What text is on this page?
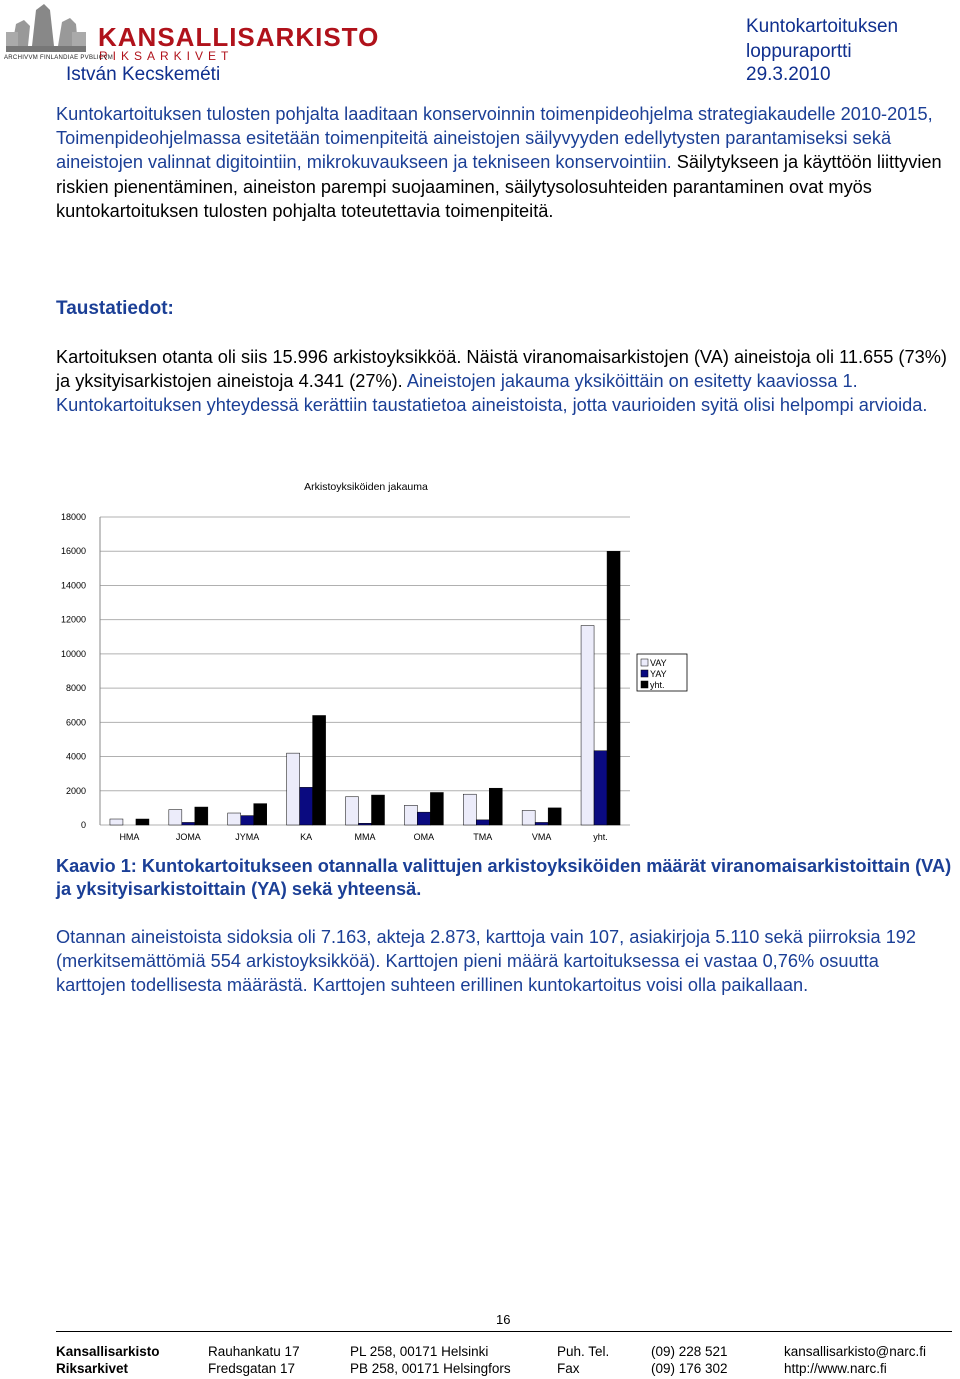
KANSALLISARKISTO
RIKSARKIVET
ARCHIVVM FINLANDIAE PVBLICVM
István Kecskeméti
Kuntokartoituksen loppuraportti
29.3.2010
Kuntokartoituksen tulosten pohjalta laaditaan konservoinnin toimenpideohjelma strategiakaudelle 2010-2015, Toimenpideohjelmassa esitetään toimenpiteitä aineistojen säilyvyyden edellytysten parantamiseksi sekä aineistojen valinnat digitointiin, mikrokuvaukseen ja tekniseen konservointiin. Säilytykseen ja käyttöön liittyvien riskien pienentäminen, aineiston parempi suojaaminen, säilytysolosuhteiden parantaminen ovat myös kuntokartoituksen tulosten pohjalta toteutettavia toimenpiteitä.
Taustatiedot:
Kartoituksen otanta oli siis 15.996 arkistoyksikköä. Näistä viranomaisarkistojen (VA) aineistoja oli 11.655 (73%) ja yksityisarkistojen aineistoja 4.341 (27%). Aineistojen jakauma yksiköittäin on esitetty kaaviossa 1. Kuntokartoituksen yhteydessä kerättiin taustatietoa aineistoista, jotta vaurioiden syitä olisi helpompi arvioida.
Arkistoyksiköiden jakauma
0
2000
4000
6000
8000
10000
12000
14000
16000
18000
HMA	JOMA	JYMA	KA	MMA	OMA	TMA	VMA	yht.
VAY
YAY
yht.
Kaavio 1: Kuntokartoitukseen otannalla valittujen arkistoyksiköiden määrät viranomaisarkistoittain (VA) ja yksityisarkistoittain (YA) sekä yhteensä.
Otannan aineistoista sidoksia oli 7.163, akteja 2.873, karttoja vain 107, asiakirjoja 5.110 sekä piirroksia 192 (merkitsemättömiä 554 arkistoyksikköä). Karttojen pieni määrä kartoituksessa ei vastaa 0,76% osuutta karttojen todellisesta määrästä. Karttojen suhteen erillinen kuntokartoitus voisi olla paikallaan.
16
Kansallisarkisto	Rauhankatu 17	PL 258, 00171 Helsinki	Puh. Tel.	(09) 228 521	kansallisarkisto@narc.fi
Riksarkivet	Fredsgatan 17	PB 258, 00171 Helsingfors	Fax	(09) 176 302	http://www.narc.fi
